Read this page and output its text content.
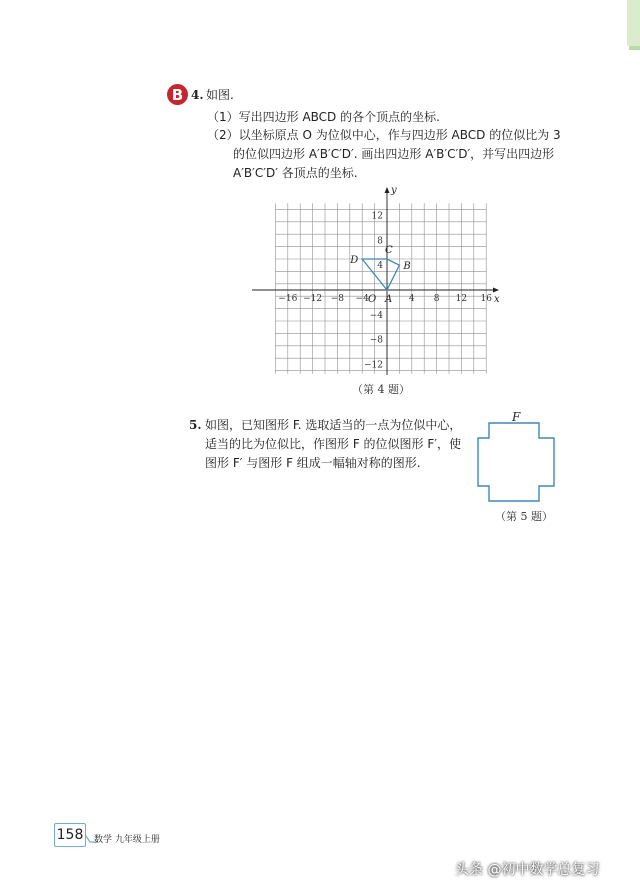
B 4. 如图.
（1）写出四边形 ABCD 的各个顶点的坐标.
（2）以坐标原点 O 为位似中心，作与四边形 ABCD 的位似比为 3
的位似四边形 A′B′C′D′. 画出四边形 A′B′C′D′，并写出四边形
A′B′C′D′ 各顶点的坐标.
x
y
O
−16 −12 −8 −4	8 12 16
4
12
8
4
−4
−8
−12
A
B
C
D
（第 4 题）
5. 如图，已知图形 F. 选取适当的一点为位似中心，
适当的比为位似比，作图形 F 的位似图形 F′，使
图形 F′ 与图形 F 组成一幅轴对称的图形.
F
（第 5 题）
158 数学 九年级上册
头条 @初中数学总复习
